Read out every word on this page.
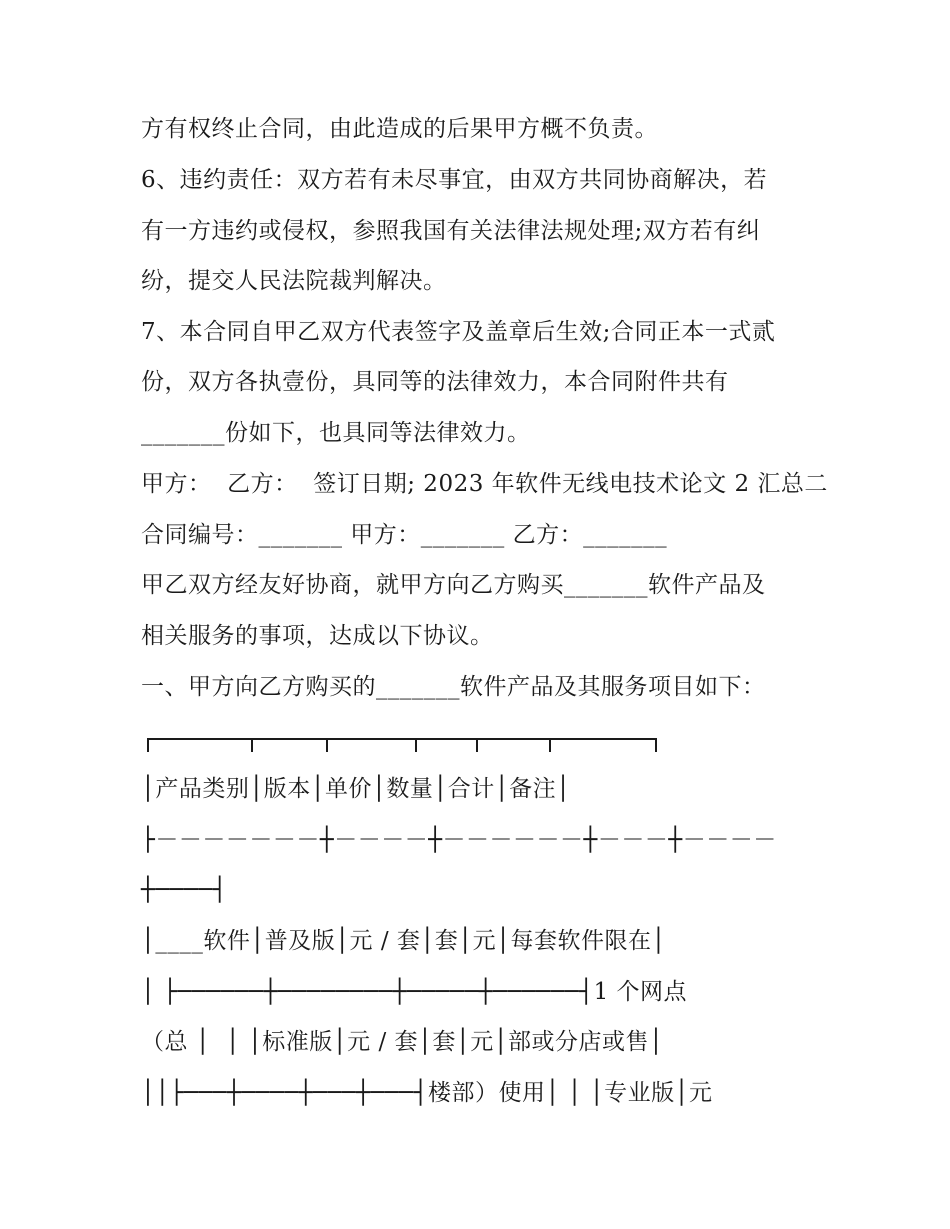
方有权终止合同，由此造成的后果甲方概不负责。
6、违约责任：双方若有未尽事宜，由双方共同协商解决，若
有一方违约或侵权，参照我国有关法律法规处理;双方若有纠
纷，提交人民法院裁判解决。
7、本合同自甲乙双方代表签字及盖章后生效;合同正本一式贰
份，双方各执壹份，具同等的法律效力，本合同附件共有
_______份如下，也具同等法律效力。
甲方：  乙方：  签订日期; 2023 年软件无线电技术论文 2 汇总二
合同编号：_______ 甲方：_______ 乙方：_______
甲乙双方经友好协商，就甲方向乙方购买_______软件产品及
相关服务的事项，达成以下协议。
一、甲方向乙方购买的_______软件产品及其服务项目如下：
│产品类别│版本│单价│数量│合计│备注│
├－－－－－－－┼－－－－┼－－－－－－┼－－－┼－－－－
┼────┤
│____软件│普及版│元 / 套│套│元│每套软件限在│
│ ├──────┼────────┼─────┼──────┤1 个网点
（总 │  │ │标准版│元 / 套│套│元│部或分店或售│
││├───┼────┼───┼───┤楼部）使用│ │ │专业版│元
